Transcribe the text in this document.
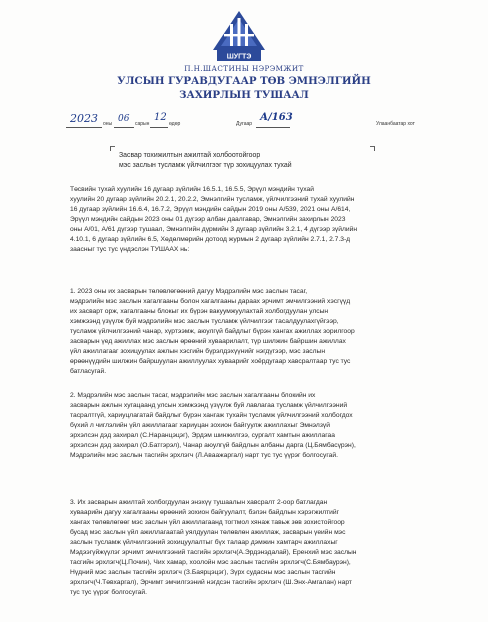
ШУГТЭ
П.Н.ШАСТИНЫ НЭРЭМЖИТ
УЛСЫН ГУРАВДУГААР ТӨВ ЭМНЭЛГИЙН
ЗАХИРЛЫН ТУШААЛ
2023 оны 06 сарын
12
өдөр	Дугаар
А/163
Улаанбаатар хот
Засвар тохижилтын ажилтай холбоотойгоор
мэс заслын тусламж үйлчилгээг түр зохицуулах тухай
Төсвийн тухай хуулийн 16 дугаар зүйлийн 16.5.1, 16.5.5, Эрүүл мэндийн тухай
хуулийн 20 дугаар зүйлийн 20.2.1, 20.2.2, Эмнэлгийн тусламж, үйлчилгээний тухай хуулийн
16 дугаар зүйлийн 16.6.4, 16.7.2, Эрүүл мэндийн сайдын 2019 оны А/539, 2021 оны А/614,
Эрүүл мэндийн сайдын 2023 оны 01 дүгээр албан даалгавар, Эмнэлгийн захирлын 2023
оны А/01, А/61 дүгээр тушаал, Эмнэлгийн дүрмийн 3 дугаар зүйлийн 3.2.1, 4 дүгээр зүйлийн
4.10.1, 6 дугаар зүйлийн 6.5, Хөдөлмөрийн дотоод журмын 2 дугаар зүйлийн 2.7.1, 2.7.3-д
заасныг тус тус үндэслэн ТУШААХ нь:
1. 2023 оны их засварын төлөвлөгөөний дагуу Мэдрэлийн мэс заслын тасаг,
мэдрэлийн мэс заслын хагалгааны болон хагалгааны дараах эрчимт эмчилгээний хэсгүүд
их засварт орж, хагалгааны блокыг их бүрэн вакуумжуулахтай холбогдуулан улсын
хэмжээнд үзүүлж буй мэдрэлийн мэс заслын тусламж үйлчилгээг тасалдуулахгүйгээр,
тусламж үйлчилгээний чанар, хүртээмж, аюулгүй байдлыг бүрэн хангах ажиллах зорилгоор
засварын үед ажиллах мэс заслын өрөөний хуваарилалт, түр шилжин байршин ажиллах
үйл ажиллагааг зохицуулах ажлын хэсгийн бүрэлдэхүүнийг нэгдүгээр, мэс заслын
өрөөнүүдийн шилжин байршуулан ажиллуулах хуваарийг хоёрдугаар хавсралтаар тус тус
батласугай.
2. Мэдрэлийн мэс заслын тасаг, мэдрэлийн мэс заслын хагалгааны блокийн их
засварын ажлын хугацаанд улсын хэмжээнд үзүүлж буй лавлагаа тусламж үйлчилгээний
тасралтгүй, хариуцлагатай байдлыг бүрэн хангаж тухайн тусламж үйлчилгээний холбогдох
бүхий л чиглэлийн үйл ажиллагааг хариуцан зохион байгуулж ажиллахыг Эмнэлзүй
эрхэлсэн дэд захирал (С.Наранцэцэг), Эрдэм шинжилгээ, сургалт хамтын ажиллагаа
эрхэлсэн дэд захирал (О.Батгэрэл), Чанар аюулгүй байдлын албаны дарга (Ц.Бямбасүрэн),
Мэдрэлийн мэс заслын тасгийн эрхлэгч (Л.Аваажаргал) нарт тус тус үүрэг болгосугай.
3. Их засварын ажилтай холбогдуулан энэхүү тушаалын хавсралт 2-оор батлагдан
хуваарийн дагуу хагалгааны өрөөний зохион байгуулалт, бэлэн байдлын хэрэгжилтийг
хангах төлөвлөгөөг мэс заслын үйл ажиллагаанд тогтмол хянаж тавьж зөв зохистойгоор
бусад мэс заслын үйл ажиллагаатай уялдуулан төлөвлөн ажиллаж, засварын үеийн мэс
заслын тусламж үйлчилгээний зохицуулалтыг бүх талаар дэмжин хамтарч ажиллахыг
Мэдээгүйжүүлэг эрчимт эмчилгээний тасгийн эрхлэгч(А.Эрдэнэдалай), Еренхий мэс заслын
тасгийн эрхлэгч(Ц.Почин), Чих хамар, хоолойн мэс заслын тасгийн эрхлэгч(С.Бямбаурэн),
Нүдний мэс заслын тасгийн эрхлэгч (З.Баярцэцэг), Зүрх судасны мэс заслын тасгийн
эрхлэгч(Ч.Төвхаргал), Эрчимт эмчилгээний нэгдсэн тасгийн эрхлэгч (Ш.Энх-Амгалан) нарт
тус тус үүрэг болгосугай.
